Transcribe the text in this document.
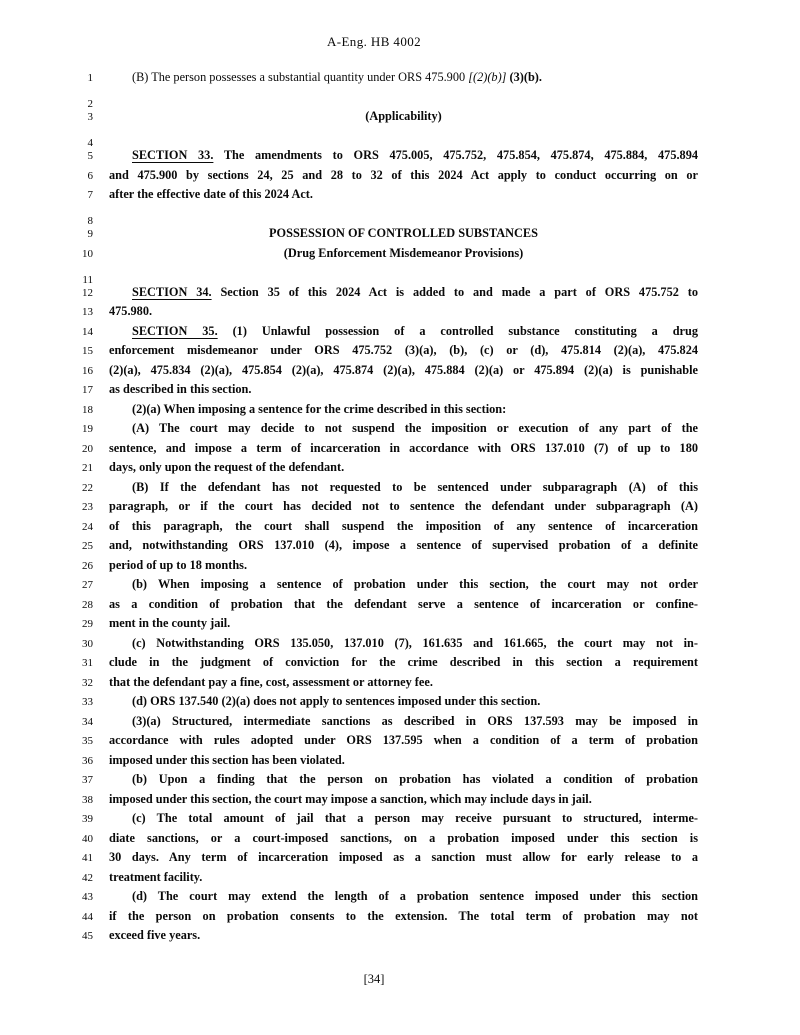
A-Eng. HB 4002
1	(B) The person possesses a substantial quantity under ORS 475.900 [(2)(b)] (3)(b).
2
3	(Applicability)
4
5	SECTION 33. The amendments to ORS 475.005, 475.752, 475.854, 475.874, 475.884, 475.894
6 and 475.900 by sections 24, 25 and 28 to 32 of this 2024 Act apply to conduct occurring on or
7 after the effective date of this 2024 Act.
8
9	POSSESSION OF CONTROLLED SUBSTANCES
10	(Drug Enforcement Misdemeanor Provisions)
11
12	SECTION 34. Section 35 of this 2024 Act is added to and made a part of ORS 475.752 to
13 475.980.
14	SECTION 35. (1) Unlawful possession of a controlled substance constituting a drug
15 enforcement misdemeanor under ORS 475.752 (3)(a), (b), (c) or (d), 475.814 (2)(a), 475.824
16 (2)(a), 475.834 (2)(a), 475.854 (2)(a), 475.874 (2)(a), 475.884 (2)(a) or 475.894 (2)(a) is punishable
17 as described in this section.
18	(2)(a) When imposing a sentence for the crime described in this section:
19	(A) The court may decide to not suspend the imposition or execution of any part of the
20 sentence, and impose a term of incarceration in accordance with ORS 137.010 (7) of up to 180
21 days, only upon the request of the defendant.
22	(B) If the defendant has not requested to be sentenced under subparagraph (A) of this
23 paragraph, or if the court has decided not to sentence the defendant under subparagraph (A)
24 of this paragraph, the court shall suspend the imposition of any sentence of incarceration
25 and, notwithstanding ORS 137.010 (4), impose a sentence of supervised probation of a definite
26 period of up to 18 months.
27	(b) When imposing a sentence of probation under this section, the court may not order
28 as a condition of probation that the defendant serve a sentence of incarceration or confine-
29 ment in the county jail.
30	(c) Notwithstanding ORS 135.050, 137.010 (7), 161.635 and 161.665, the court may not in-
31 clude in the judgment of conviction for the crime described in this section a requirement
32 that the defendant pay a fine, cost, assessment or attorney fee.
33	(d) ORS 137.540 (2)(a) does not apply to sentences imposed under this section.
34	(3)(a) Structured, intermediate sanctions as described in ORS 137.593 may be imposed in
35 accordance with rules adopted under ORS 137.595 when a condition of a term of probation
36 imposed under this section has been violated.
37	(b) Upon a finding that the person on probation has violated a condition of probation
38 imposed under this section, the court may impose a sanction, which may include days in jail.
39	(c) The total amount of jail that a person may receive pursuant to structured, interme-
40 diate sanctions, or a court-imposed sanctions, on a probation imposed under this section is
41 30 days. Any term of incarceration imposed as a sanction must allow for early release to a
42 treatment facility.
43	(d) The court may extend the length of a probation sentence imposed under this section
44 if the person on probation consents to the extension. The total term of probation may not
45 exceed five years.
[34]
